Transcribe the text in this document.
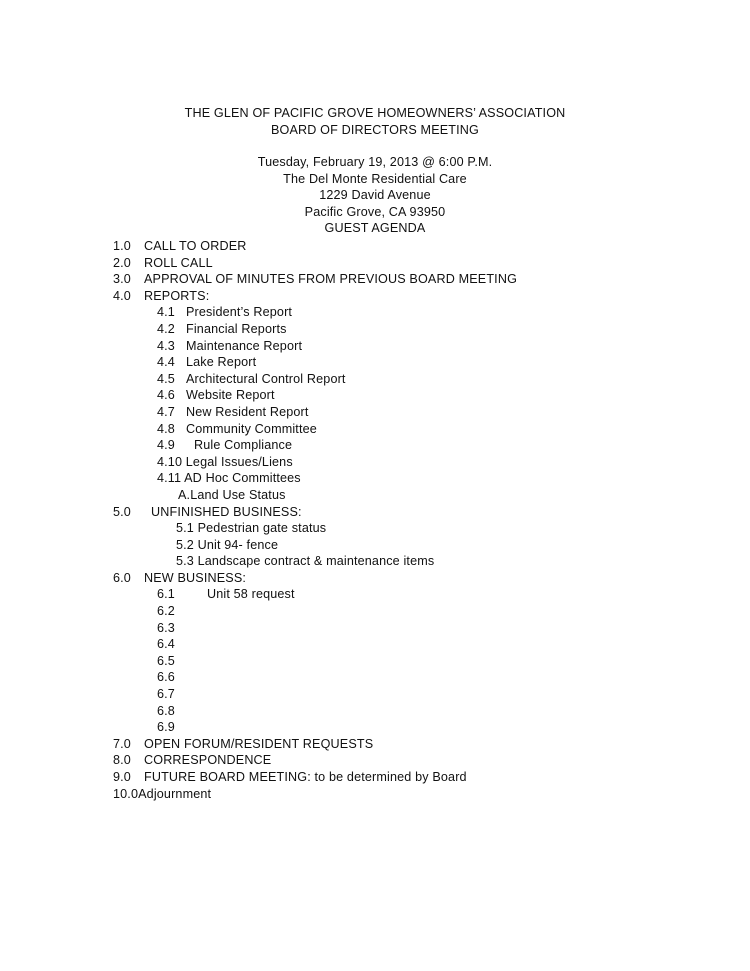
THE GLEN OF PACIFIC GROVE HOMEOWNERS’ ASSOCIATION
BOARD OF DIRECTORS MEETING
Tuesday, February 19, 2013 @ 6:00 P.M.
The Del Monte Residential Care
1229 David Avenue
Pacific Grove, CA 93950
GUEST AGENDA

1.0

CALL TO ORDER

2.0

ROLL CALL

3.0

APPROVAL OF MINUTES FROM PREVIOUS BOARD MEETING

4.0

REPORTS:

4.1

President’s Report

4.2

Financial Reports

4.3

Maintenance Report

4.4

Lake Report

4.5

Architectural Control Report

4.6

Website Report

4.7

New Resident Report

4.8

Community Committee

4.9

Rule Compliance

4.10 Legal Issues/Liens

4.11 AD Hoc Committees

A.Land Use Status

5.0

UNFINISHED BUSINESS:

5.1 Pedestrian gate status

5.2 Unit 94- fence

5.3 Landscape contract & maintenance items

6.0

NEW BUSINESS:

6.1

	Unit 58 request

6.2

6.3

6.4

6.5

6.6

6.7

6.8

6.9

7.0

OPEN FORUM/RESIDENT REQUESTS

8.0

CORRESPONDENCE

9.0

FUTURE BOARD MEETING: to be determined by Board

10.0Adjournment
